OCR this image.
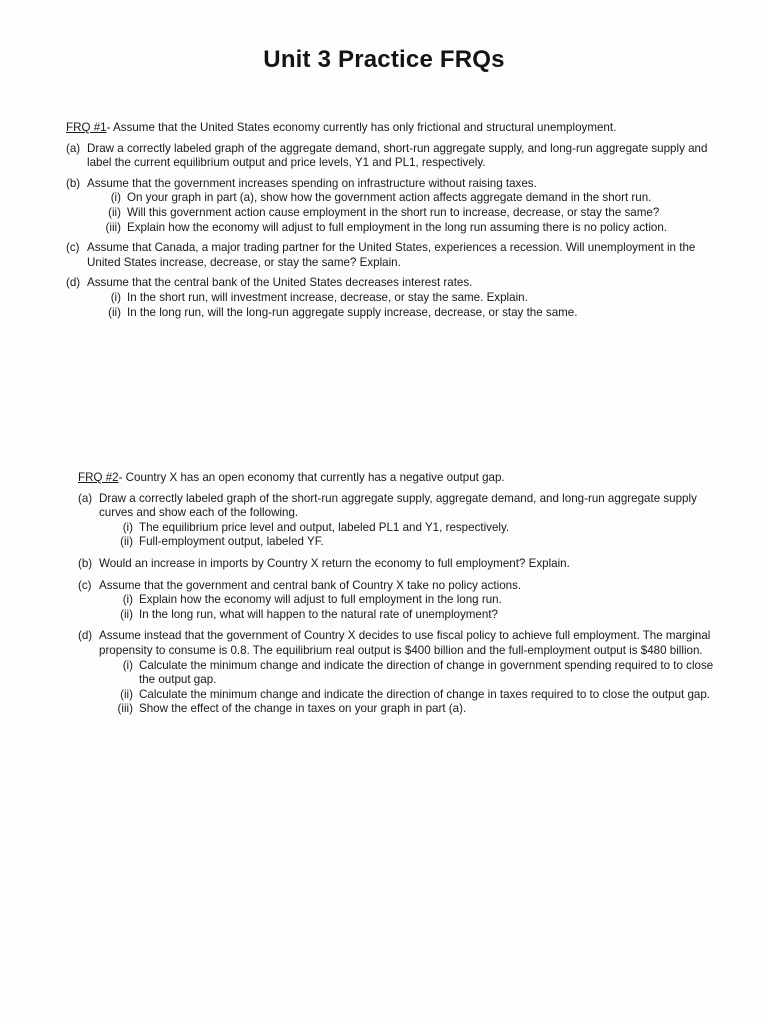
Unit 3 Practice FRQs
FRQ #1- Assume that the United States economy currently has only frictional and structural unemployment.
(a) Draw a correctly labeled graph of the aggregate demand, short-run aggregate supply, and long-run aggregate supply and label the current equilibrium output and price levels, Y1 and PL1, respectively.
(b) Assume that the government increases spending on infrastructure without raising taxes.
(i) On your graph in part (a), show how the government action affects aggregate demand in the short run.
(ii) Will this government action cause employment in the short run to increase, decrease, or stay the same?
(iii) Explain how the economy will adjust to full employment in the long run assuming there is no policy action.
(c) Assume that Canada, a major trading partner for the United States, experiences a recession. Will unemployment in the United States increase, decrease, or stay the same? Explain.
(d) Assume that the central bank of the United States decreases interest rates.
(i) In the short run, will investment increase, decrease, or stay the same. Explain.
(ii) In the long run, will the long-run aggregate supply increase, decrease, or stay the same.
FRQ #2- Country X has an open economy that currently has a negative output gap.
(a) Draw a correctly labeled graph of the short-run aggregate supply, aggregate demand, and long-run aggregate supply curves and show each of the following.
(i) The equilibrium price level and output, labeled PL1 and Y1, respectively.
(ii) Full-employment output, labeled YF.
(b) Would an increase in imports by Country X return the economy to full employment? Explain.
(c) Assume that the government and central bank of Country X take no policy actions.
(i) Explain how the economy will adjust to full employment in the long run.
(ii) In the long run, what will happen to the natural rate of unemployment?
(d) Assume instead that the government of Country X decides to use fiscal policy to achieve full employment. The marginal propensity to consume is 0.8. The equilibrium real output is $400 billion and the full-employment output is $480 billion.
(i) Calculate the minimum change and indicate the direction of change in government spending required to to close the output gap.
(ii) Calculate the minimum change and indicate the direction of change in taxes required to to close the output gap.
(iii) Show the effect of the change in taxes on your graph in part (a).
